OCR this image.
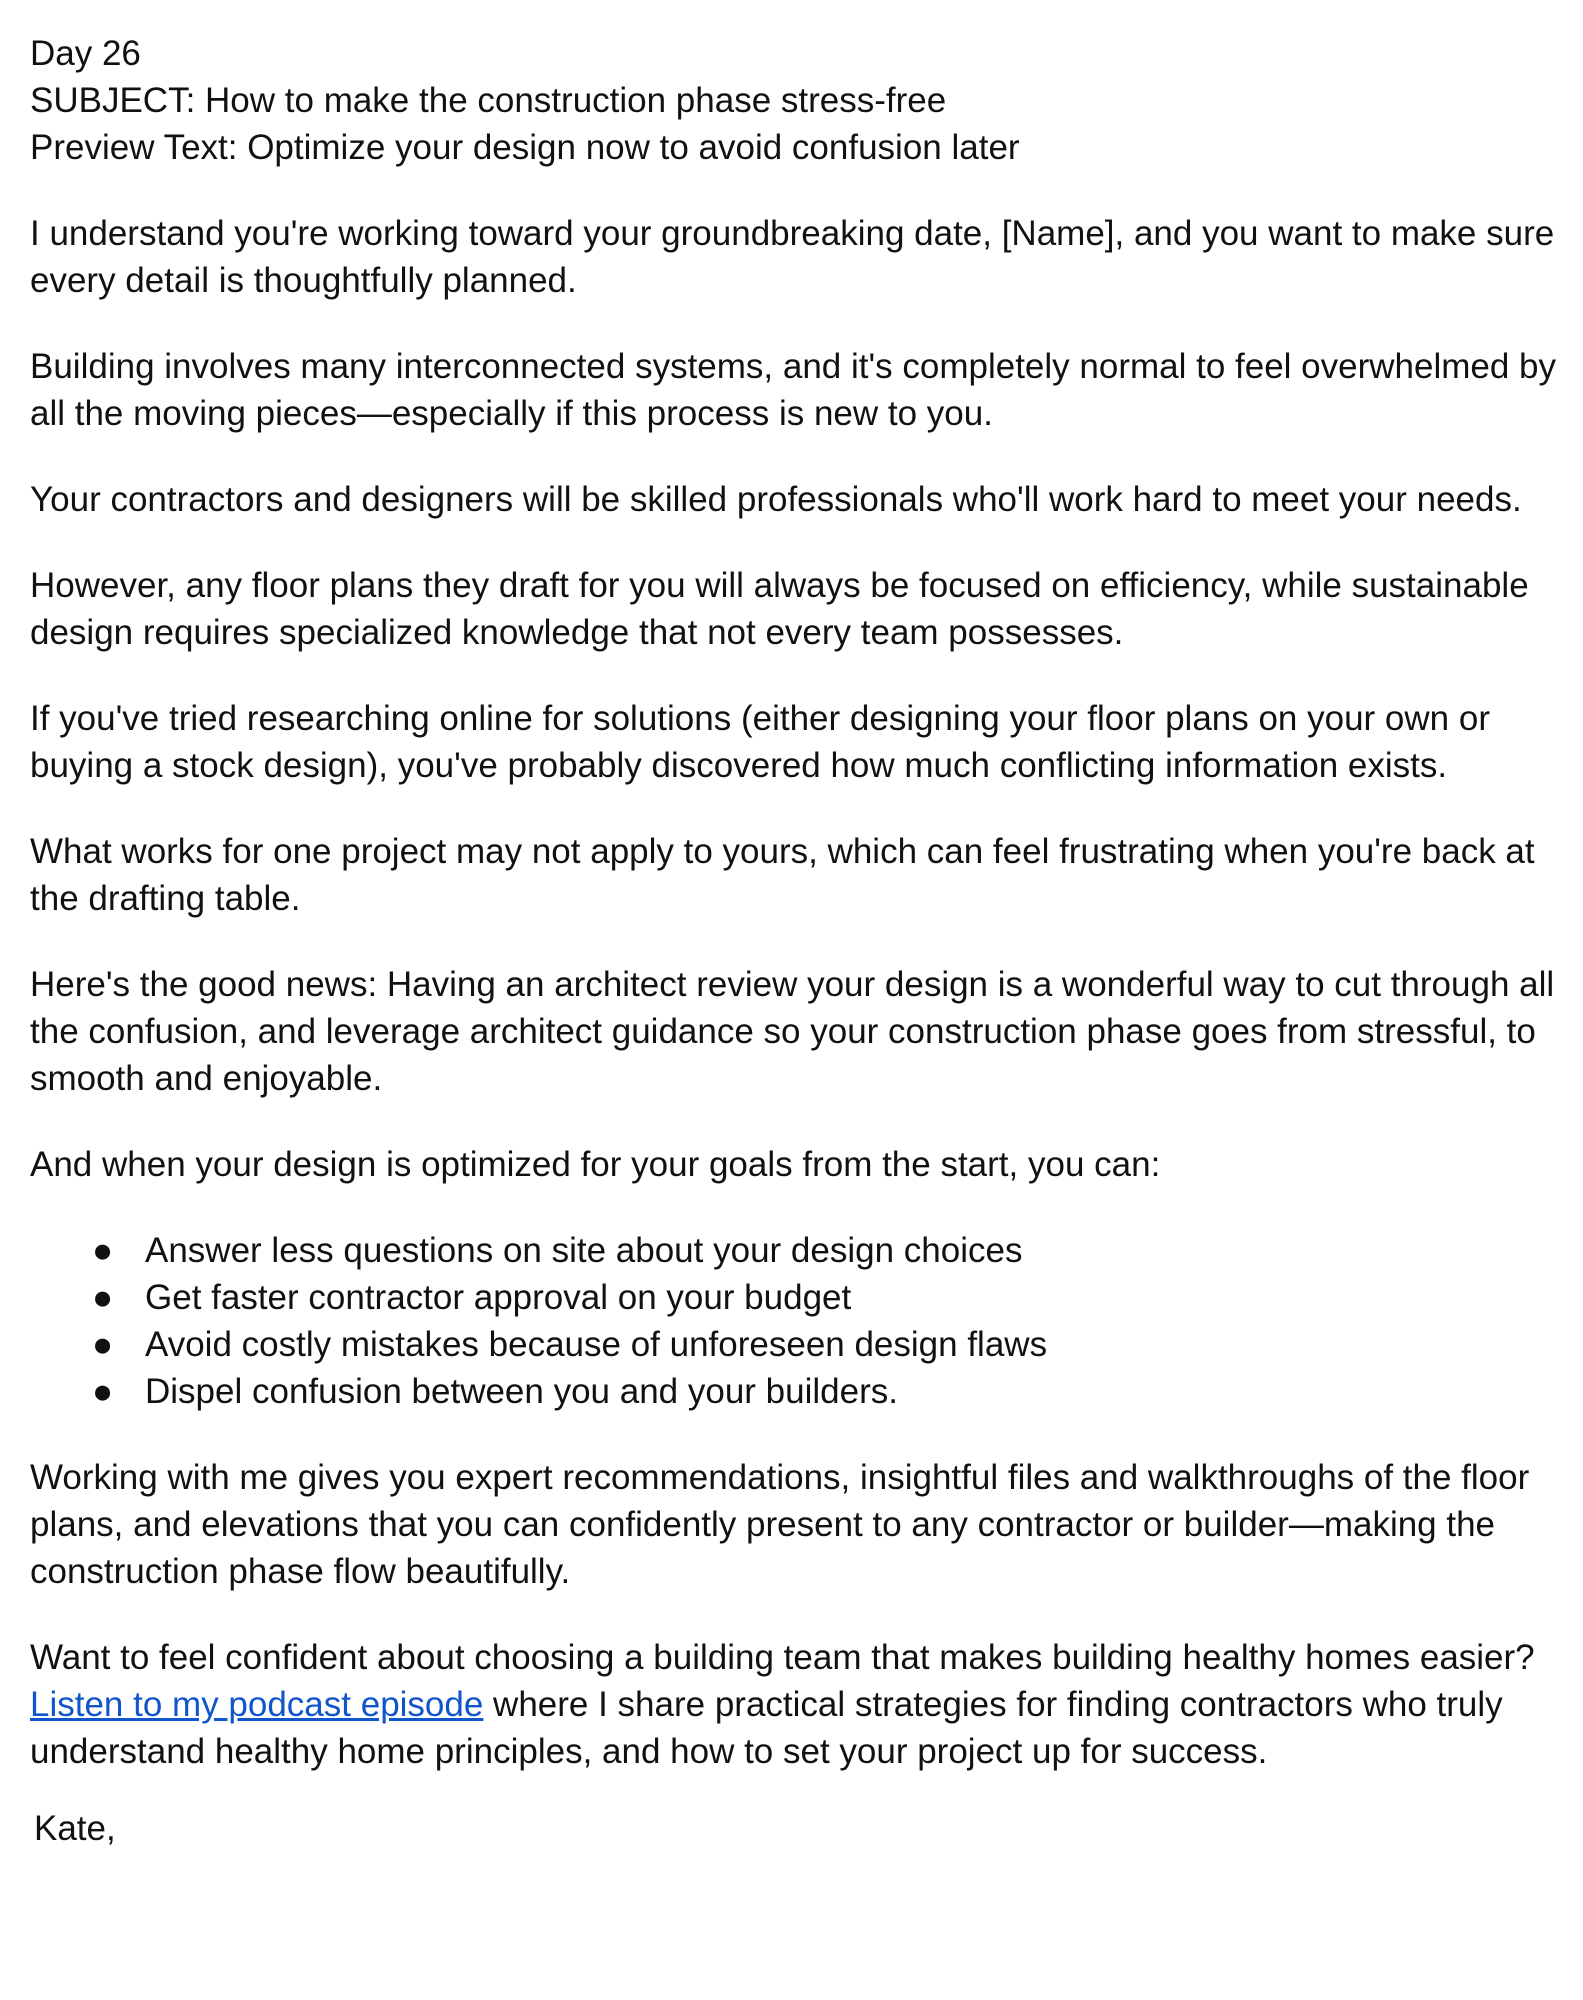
Day 26

SUBJECT: How to make the construction phase stress-free

Preview Text: Optimize your design now to avoid confusion later

I understand you're working toward your groundbreaking date, [Name], and you want to make sure every detail is thoughtfully planned.

Building involves many interconnected systems, and it's completely normal to feel overwhelmed by all the moving pieces—especially if this process is new to you.

Your contractors and designers will be skilled professionals who'll work hard to meet your needs.

However, any floor plans they draft for you will always be focused on efficiency, while sustainable design requires specialized knowledge that not every team possesses.

If you've tried researching online for solutions (either designing your floor plans on your own or buying a stock design), you've probably discovered how much conflicting information exists.

What works for one project may not apply to yours, which can feel frustrating when you're back at the drafting table.

Here's the good news: Having an architect review your design is a wonderful way to cut through all the confusion, and leverage architect guidance so your construction phase goes from stressful, to smooth and enjoyable.

And when your design is optimized for your goals from the start, you can:

● Answer less questions on site about your design choices
● Get faster contractor approval on your budget
● Avoid costly mistakes because of unforeseen design flaws
● Dispel confusion between you and your builders.

Working with me gives you expert recommendations, insightful files and walkthroughs of the floor plans, and elevations that you can confidently present to any contractor or builder—making the construction phase flow beautifully.

Want to feel confident about choosing a building team that makes building healthy homes easier? Listen to my podcast episode where I share practical strategies for finding contractors who truly understand healthy home principles, and how to set your project up for success.

Kate,
